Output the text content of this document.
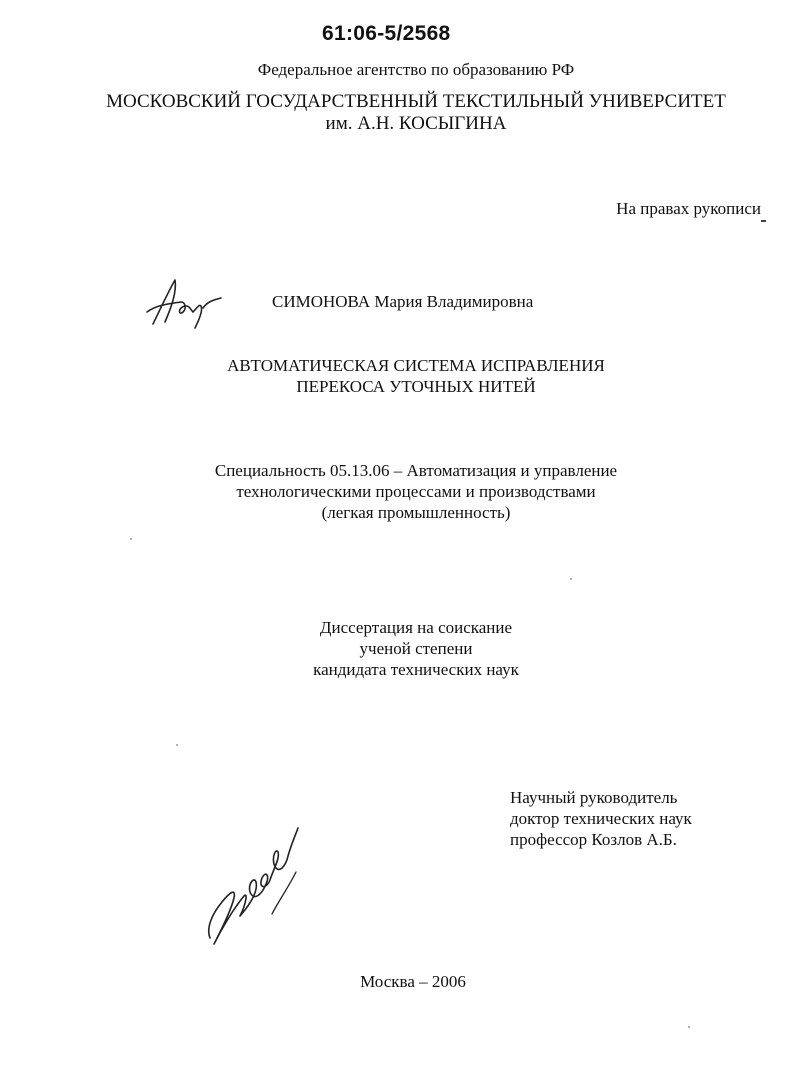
61:06-5/2568
Федеральное агентство по образованию РФ
МОСКОВСКИЙ ГОСУДАРСТВЕННЫЙ ТЕКСТИЛЬНЫЙ УНИВЕРСИТЕТ
им. А.Н. КОСЫГИНА
На правах рукописи
СИМОНОВА Мария Владимировна
АВТОМАТИЧЕСКАЯ СИСТЕМА ИСПРАВЛЕНИЯ
ПЕРЕКОСА УТОЧНЫХ НИТЕЙ
Специальность 05.13.06 – Автоматизация и управление
технологическими процессами и производствами
(легкая промышленность)
Диссертация на соискание
ученой степени
кандидата технических наук
Научный руководитель
доктор технических наук
профессор Козлов А.Б.
Москва – 2006
